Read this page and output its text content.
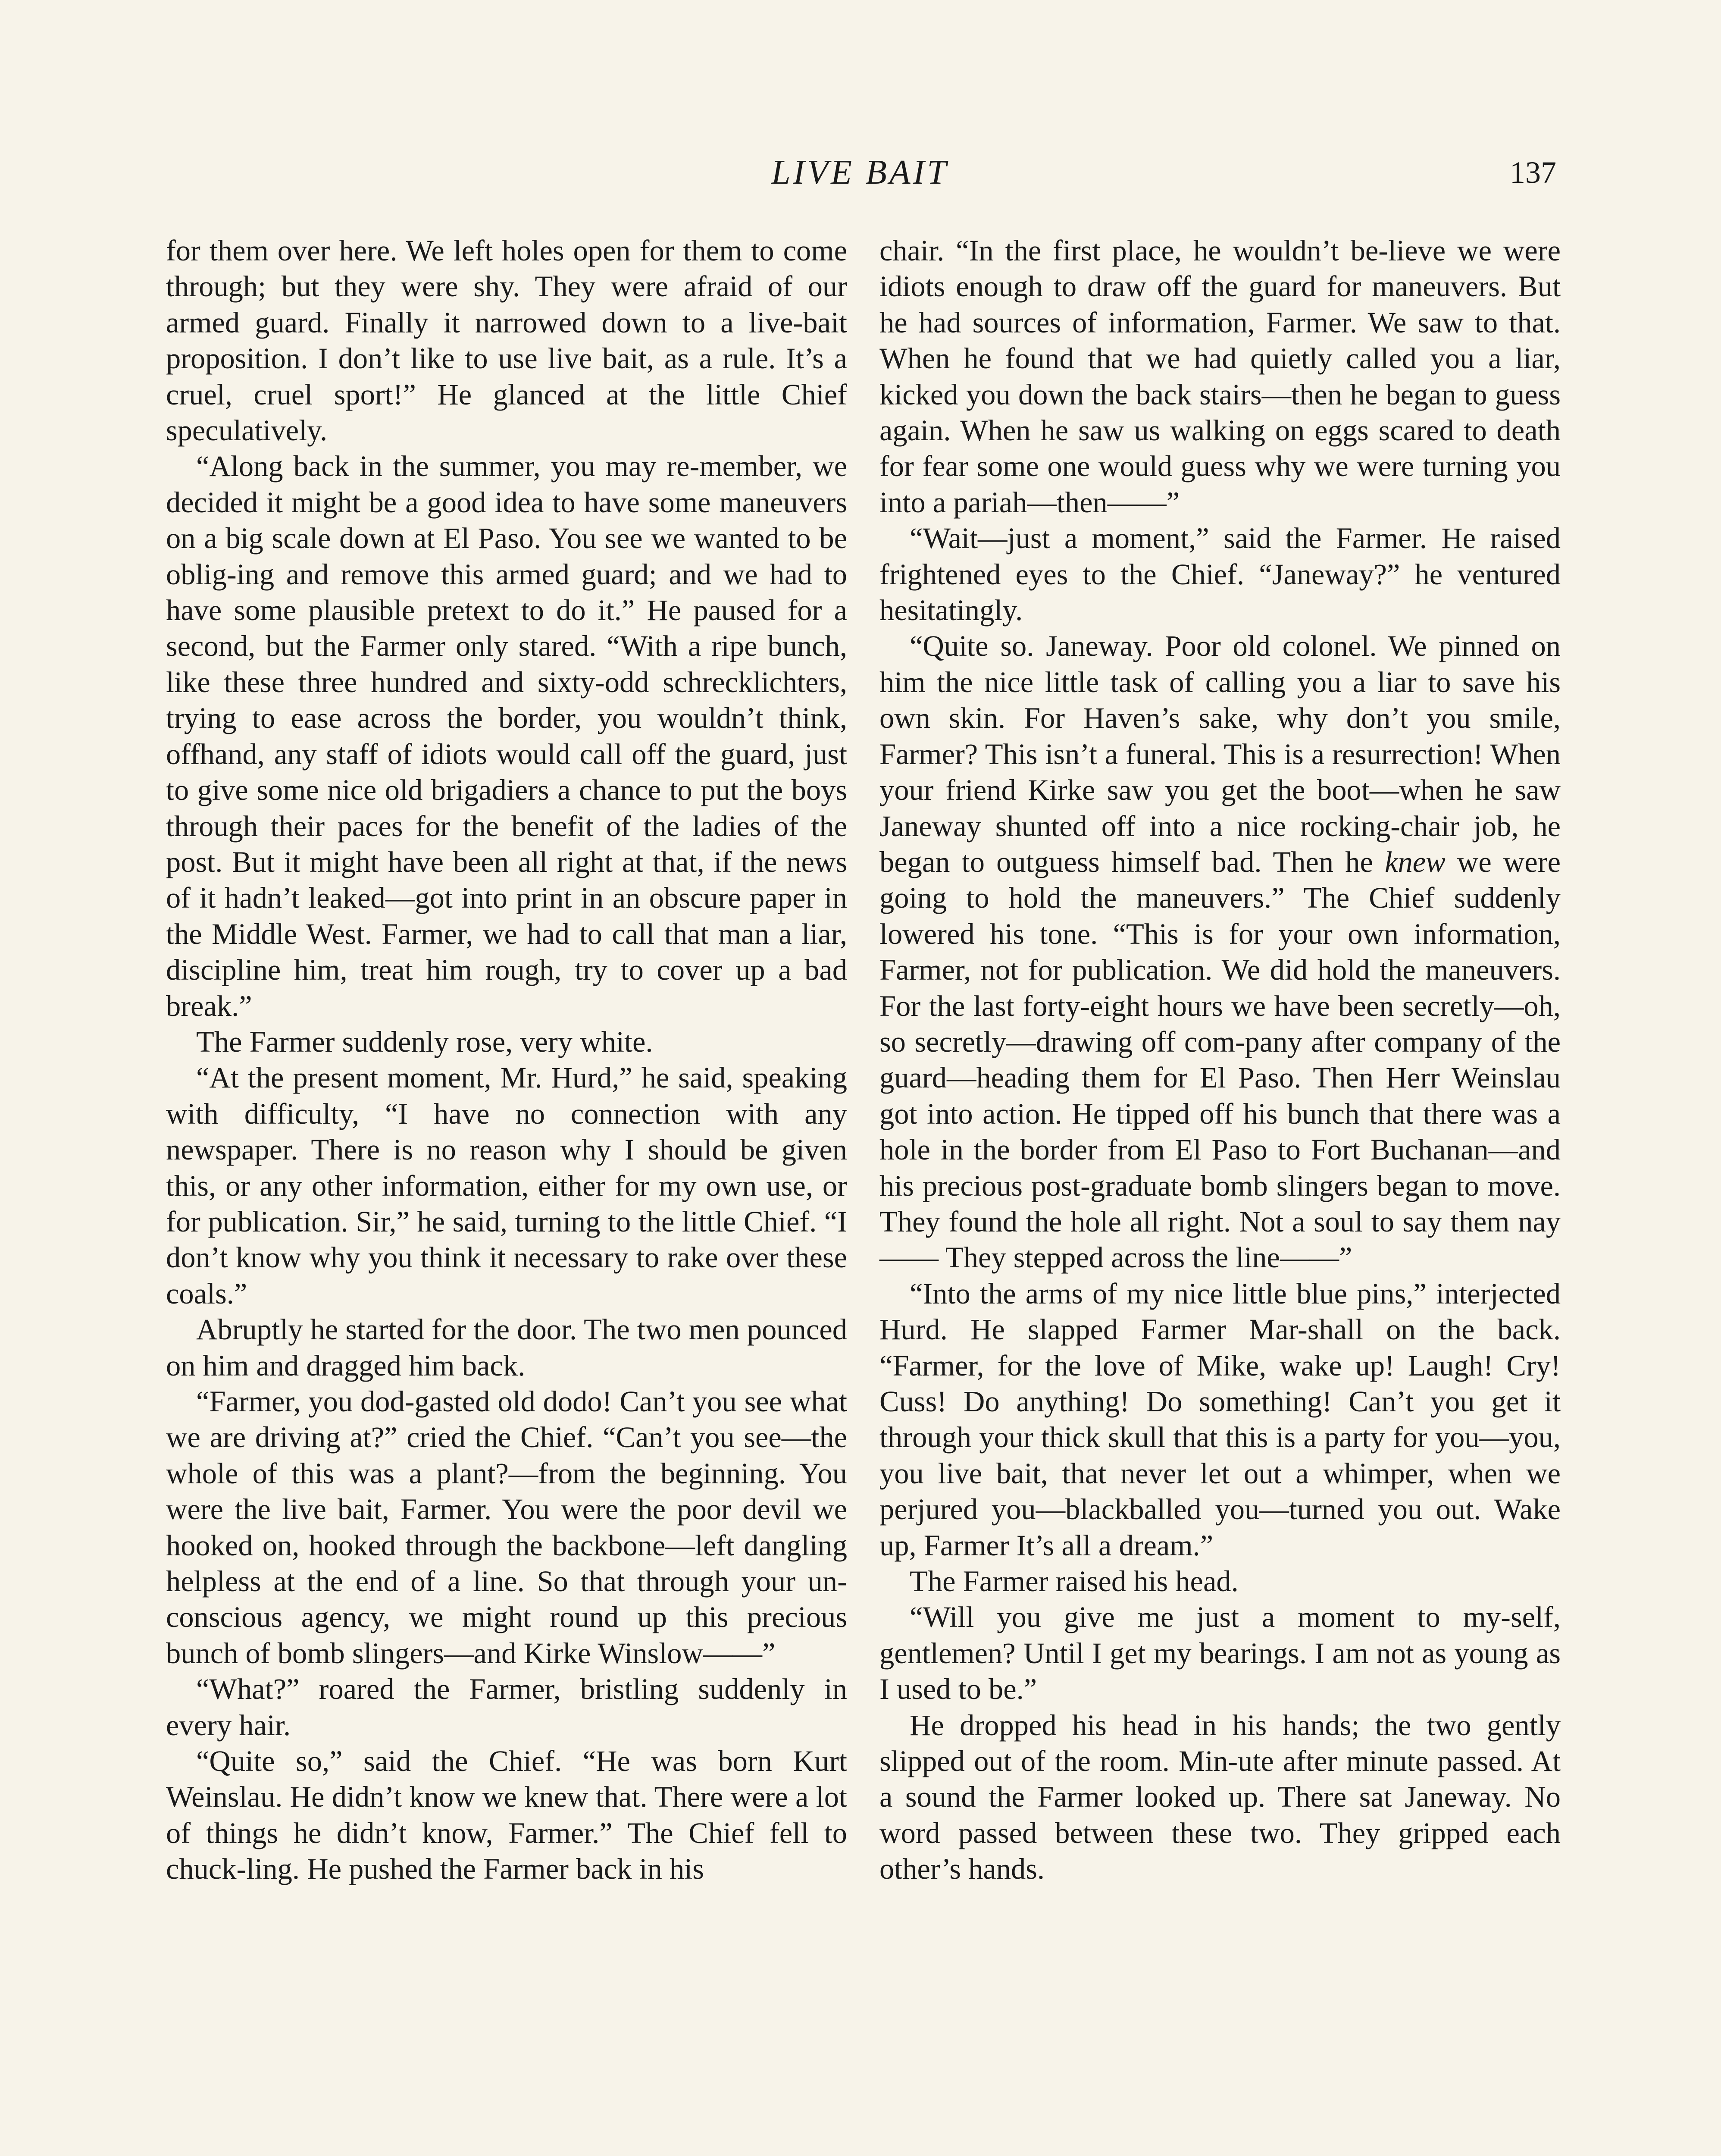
LIVE BAIT	137

for them over here. We left holes open for them to come through; but they were shy. They were afraid of our armed guard. Finally it narrowed down to a live-bait proposition. I don’t like to use live bait, as a rule. It’s a cruel, cruel sport!” He glanced at the little Chief speculatively.

“Along back in the summer, you may re-member, we decided it might be a good idea to have some maneuvers on a big scale down at El Paso. You see we wanted to be oblig-ing and remove this armed guard; and we had to have some plausible pretext to do it.” He paused for a second, but the Farmer only stared. “With a ripe bunch, like these three hundred and sixty-odd schrecklichters, trying to ease across the border, you wouldn’t think, offhand, any staff of idiots would call off the guard, just to give some nice old brigadiers a chance to put the boys through their paces for the benefit of the ladies of the post. But it might have been all right at that, if the news of it hadn’t leaked—got into print in an obscure paper in the Middle West. Farmer, we had to call that man a liar, discipline him, treat him rough, try to cover up a bad break.”

The Farmer suddenly rose, very white.

“At the present moment, Mr. Hurd,” he said, speaking with difficulty, “I have no connection with any newspaper. There is no reason why I should be given this, or any other information, either for my own use, or for publication. Sir,” he said, turning to the little Chief. “I don’t know why you think it necessary to rake over these coals.”

Abruptly he started for the door. The two men pounced on him and dragged him back.

“Farmer, you dod-gasted old dodo! Can’t you see what we are driving at?” cried the Chief. “Can’t you see—the whole of this was a plant?—from the beginning. You were the live bait, Farmer. You were the poor devil we hooked on, hooked through the backbone—left dangling helpless at the end of a line. So that through your un-conscious agency, we might round up this precious bunch of bomb slingers—and Kirke Winslow——”

“What?” roared the Farmer, bristling suddenly in every hair.

“Quite so,” said the Chief. “He was born Kurt Weinslau. He didn’t know we knew that. There were a lot of things he didn’t know, Farmer.” The Chief fell to chuck-ling. He pushed the Farmer back in his

chair. “In the first place, he wouldn’t be-lieve we were idiots enough to draw off the guard for maneuvers. But he had sources of information, Farmer. We saw to that. When he found that we had quietly called you a liar, kicked you down the back stairs—then he began to guess again. When he saw us walking on eggs scared to death for fear some one would guess why we were turning you into a pariah—then——”

“Wait—just a moment,” said the Farmer. He raised frightened eyes to the Chief. “Janeway?” he ventured hesitatingly.

“Quite so. Janeway. Poor old colonel. We pinned on him the nice little task of calling you a liar to save his own skin. For Haven’s sake, why don’t you smile, Farmer? This isn’t a funeral. This is a resurrection! When your friend Kirke saw you get the boot—when he saw Janeway shunted off into a nice rocking-chair job, he began to outguess himself bad. Then he knew we were going to hold the maneuvers.” The Chief suddenly lowered his tone. “This is for your own information, Farmer, not for publication. We did hold the maneuvers. For the last forty-eight hours we have been secretly—oh, so secretly—drawing off com-pany after company of the guard—heading them for El Paso. Then Herr Weinslau got into action. He tipped off his bunch that there was a hole in the border from El Paso to Fort Buchanan—and his precious post-graduate bomb slingers began to move. They found the hole all right. Not a soul to say them nay—— They stepped across the line——”

“Into the arms of my nice little blue pins,” interjected Hurd. He slapped Farmer Mar-shall on the back. “Farmer, for the love of Mike, wake up! Laugh! Cry! Cuss! Do anything! Do something! Can’t you get it through your thick skull that this is a party for you—you, you live bait, that never let out a whimper, when we perjured you—blackballed you—turned you out. Wake up, Farmer It’s all a dream.”

The Farmer raised his head.

“Will you give me just a moment to my-self, gentlemen? Until I get my bearings. I am not as young as I used to be.”

He dropped his head in his hands; the two gently slipped out of the room. Min-ute after minute passed. At a sound the Farmer looked up. There sat Janeway. No word passed between these two. They gripped each other’s hands.
